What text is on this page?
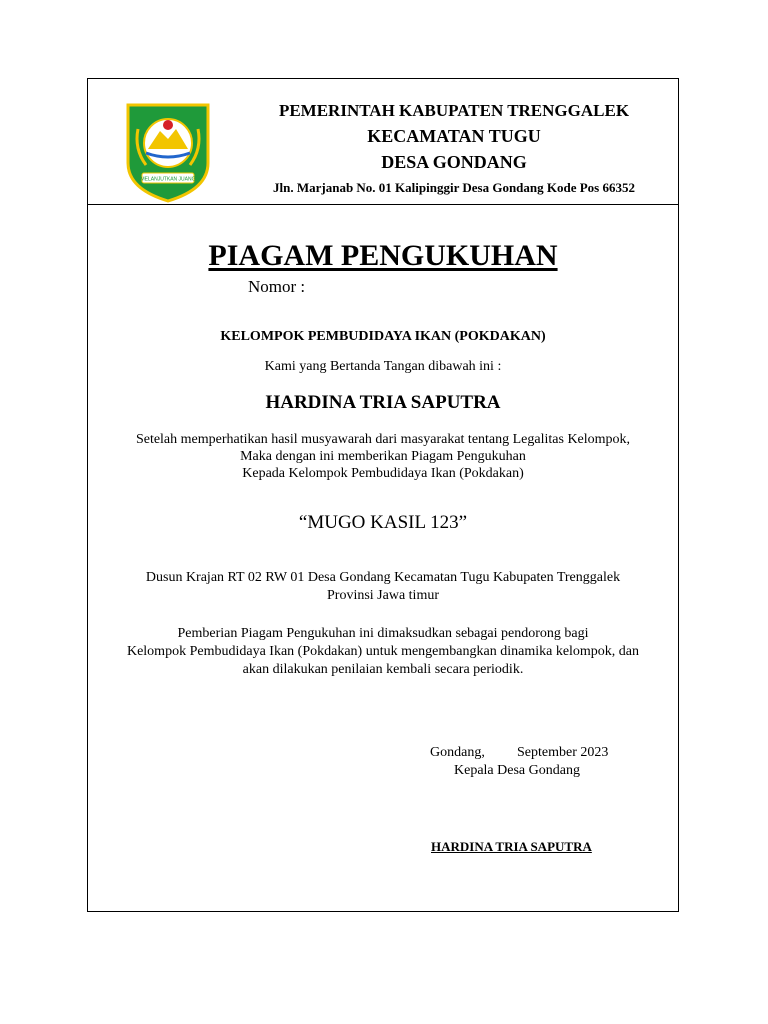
MELANJUTKAN JUANG
PEMERINTAH KABUPATEN TRENGGALEK
KECAMATAN TUGU
DESA GONDANG
Jln. Marjanab No. 01 Kalipinggir Desa Gondang Kode Pos 66352
PIAGAM PENGUKUHAN
Nomor :
KELOMPOK PEMBUDIDAYA IKAN (POKDAKAN)
Kami yang Bertanda Tangan dibawah ini :
HARDINA TRIA SAPUTRA
Setelah memperhatikan hasil musyawarah dari masyarakat tentang Legalitas Kelompok,
Maka dengan ini memberikan Piagam Pengukuhan
Kepada Kelompok Pembudidaya Ikan (Pokdakan)
“MUGO KASIL 123”
Dusun Krajan RT 02 RW 01 Desa Gondang Kecamatan Tugu Kabupaten Trenggalek
Provinsi Jawa timur
Pemberian Piagam Pengukuhan ini dimaksudkan sebagai pendorong bagi
Kelompok Pembudidaya Ikan (Pokdakan) untuk mengembangkan dinamika kelompok, dan
akan dilakukan penilaian kembali secara periodik.
Gondang, September 2023
Kepala Desa Gondang
HARDINA TRIA SAPUTRA
